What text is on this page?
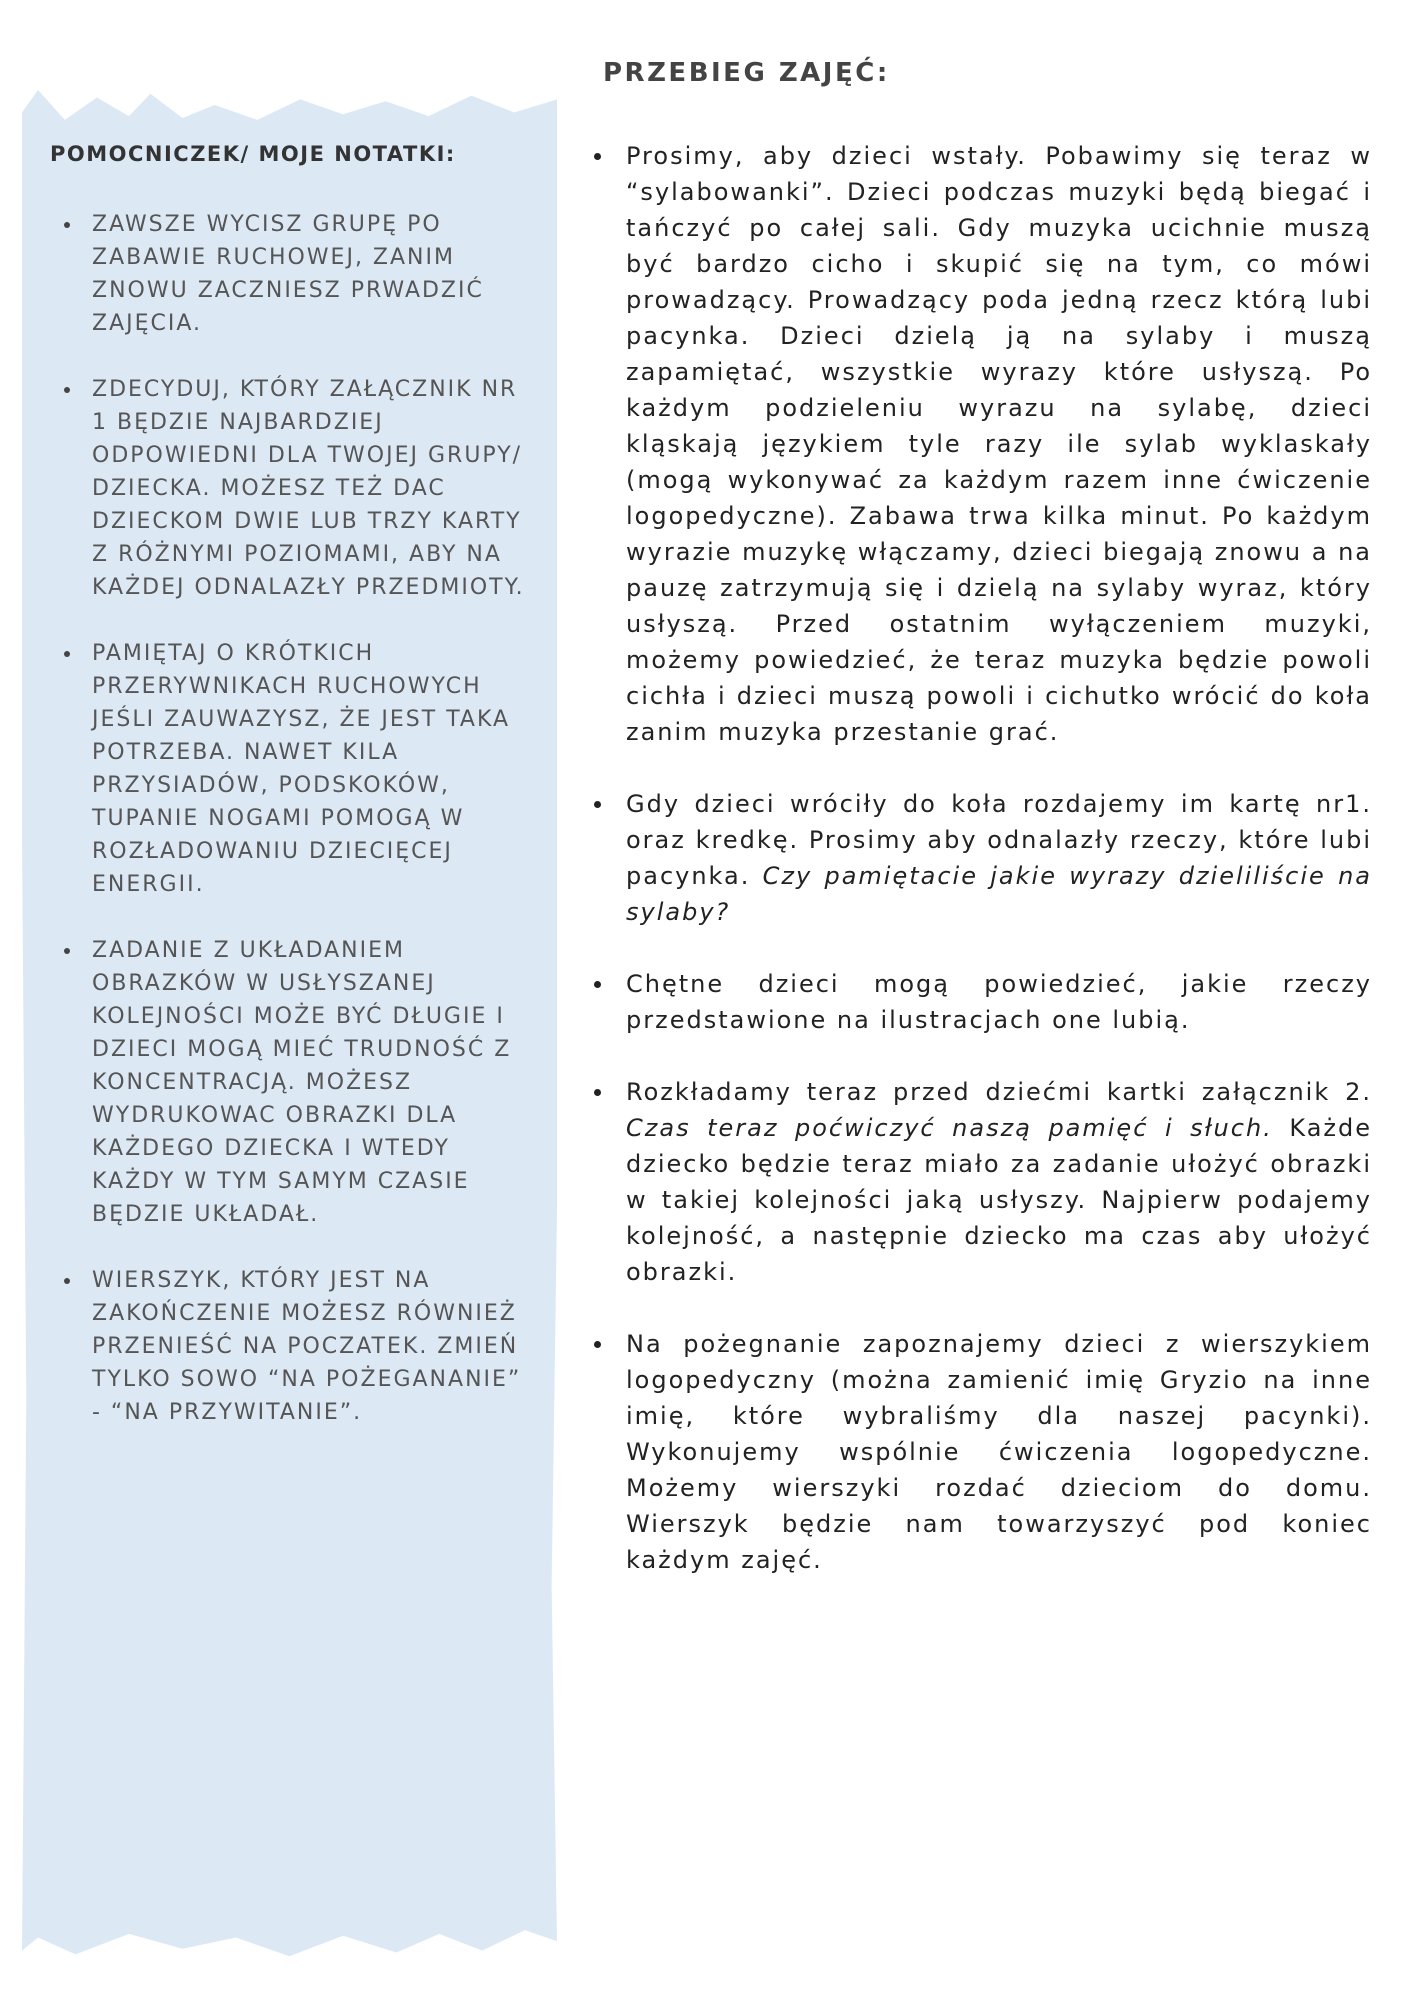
POMOCNICZEK/ MOJE NOTATKI:
ZAWSZE WYCISZ GRUPĘ PO ZABAWIE RUCHOWEJ, ZANIM ZNOWU ZACZNIESZ PRWADZIĆ ZAJĘCIA.
ZDECYDUJ, KTÓRY ZAŁĄCZNIK NR 1 BĘDZIE NAJBARDZIEJ ODPOWIEDNI DLA TWOJEJ GRUPY/ DZIECKA. MOŻESZ TEŻ DAC DZIECKOM DWIE LUB TRZY KARTY Z RÓŻNYMI POZIOMAMI, ABY NA KAŻDEJ ODNALAZŁY PRZEDMIOTY.
PAMIĘTAJ O KRÓTKICH PRZERYWNIKACH RUCHOWYCH JEŚLI ZAUWAZYSZ, ŻE JEST TAKA POTRZEBA. NAWET KILA PRZYSIADÓW, PODSKOKÓW, TUPANIE NOGAMI POMOGĄ W ROZŁADOWANIU DZIECIĘCEJ ENERGII.
ZADANIE Z UKŁADANIEM OBRAZKÓW W USŁYSZANEJ KOLEJNOŚCI MOŻE BYĆ DŁUGIE I DZIECI MOGĄ MIEĆ TRUDNOŚĆ Z KONCENTRACJĄ. MOŻESZ WYDRUKOWAC OBRAZKI DLA KAŻDEGO DZIECKA I WTEDY KAŻDY W TYM SAMYM CZASIE BĘDZIE UKŁADAŁ.
WIERSZYK, KTÓRY JEST NA ZAKOŃCZENIE MOŻESZ RÓWNIEŻ PRZENIEŚĆ NA POCZATEK. ZMIEŃ TYLKO SOWO “NA POŻEGANANIE” - “NA PRZYWITANIE”.
PRZEBIEG ZAJĘĆ:
Prosimy, aby dzieci wstały. Pobawimy się teraz w “sylabowanki”. Dzieci podczas muzyki będą biegać i tańczyć po całej sali. Gdy muzyka ucichnie muszą być bardzo cicho i skupić się na tym, co mówi prowadzący. Prowadzący poda jedną rzecz którą lubi pacynka. Dzieci dzielą ją na sylaby i muszą zapamiętać, wszystkie wyrazy które usłyszą. Po każdym podzieleniu wyrazu na sylabę, dzieci kląskają językiem tyle razy ile sylab wyklaskały (mogą wykonywać za każdym razem inne ćwiczenie logopedyczne). Zabawa trwa kilka minut. Po każdym wyrazie muzykę włączamy, dzieci biegają znowu a na pauzę zatrzymują się i dzielą na sylaby wyraz, który usłyszą. Przed ostatnim wyłączeniem muzyki, możemy powiedzieć, że teraz muzyka będzie powoli cichła i dzieci muszą powoli i cichutko wrócić do koła zanim muzyka przestanie grać.
Gdy dzieci wróciły do koła rozdajemy im kartę nr1. oraz kredkę. Prosimy aby odnalazły rzeczy, które lubi pacynka. Czy pamiętacie jakie wyrazy dzieliliście na sylaby?
Chętne dzieci mogą powiedzieć, jakie rzeczy przedstawione na ilustracjach one lubią.
Rozkładamy teraz przed dziećmi kartki załącznik 2. Czas teraz poćwiczyć naszą pamięć i słuch. Każde dziecko będzie teraz miało za zadanie ułożyć obrazki w takiej kolejności jaką usłyszy. Najpierw podajemy kolejność, a następnie dziecko ma czas aby ułożyć obrazki.
Na pożegnanie zapoznajemy dzieci z wierszykiem logopedyczny (można zamienić imię Gryzio na inne imię, które wybraliśmy dla naszej pacynki). Wykonujemy wspólnie ćwiczenia logopedyczne. Możemy wierszyki rozdać dzieciom do domu. Wierszyk będzie nam towarzyszyć pod koniec każdym zajęć.
